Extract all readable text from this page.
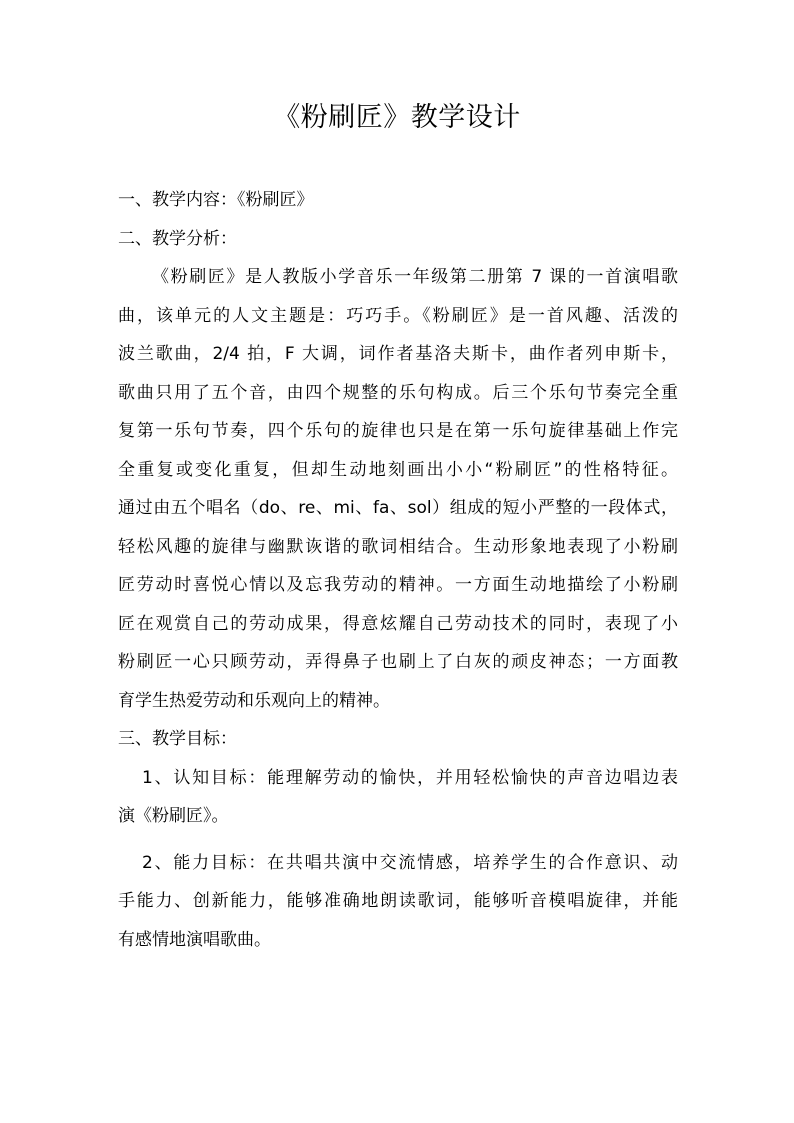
《粉刷匠》教学设计
一、教学内容：《粉刷匠》
二、教学分析：
《粉刷匠》是人教版小学音乐一年级第二册第 7 课的一首演唱歌
曲，该单元的人文主题是：巧巧手。《粉刷匠》是一首风趣、活泼的
波兰歌曲，2/4 拍，F 大调，词作者基洛夫斯卡，曲作者列申斯卡，
歌曲只用了五个音，由四个规整的乐句构成。后三个乐句节奏完全重
复第一乐句节奏，四个乐句的旋律也只是在第一乐句旋律基础上作完
全重复或变化重复，但却生动地刻画出小小“粉刷匠”的性格特征。
通过由五个唱名（do、re、mi、fa、sol）组成的短小严整的一段体式，
轻松风趣的旋律与幽默诙谐的歌词相结合。生动形象地表现了小粉刷
匠劳动时喜悦心情以及忘我劳动的精神。一方面生动地描绘了小粉刷
匠在观赏自己的劳动成果，得意炫耀自己劳动技术的同时，表现了小
粉刷匠一心只顾劳动，弄得鼻子也刷上了白灰的顽皮神态；一方面教
育学生热爱劳动和乐观向上的精神。
三、教学目标：
1、认知目标：能理解劳动的愉快，并用轻松愉快的声音边唱边表
演《粉刷匠》。
2、能力目标：在共唱共演中交流情感，培养学生的合作意识、动
手能力、创新能力，能够准确地朗读歌词，能够听音模唱旋律，并能
有感情地演唱歌曲。
